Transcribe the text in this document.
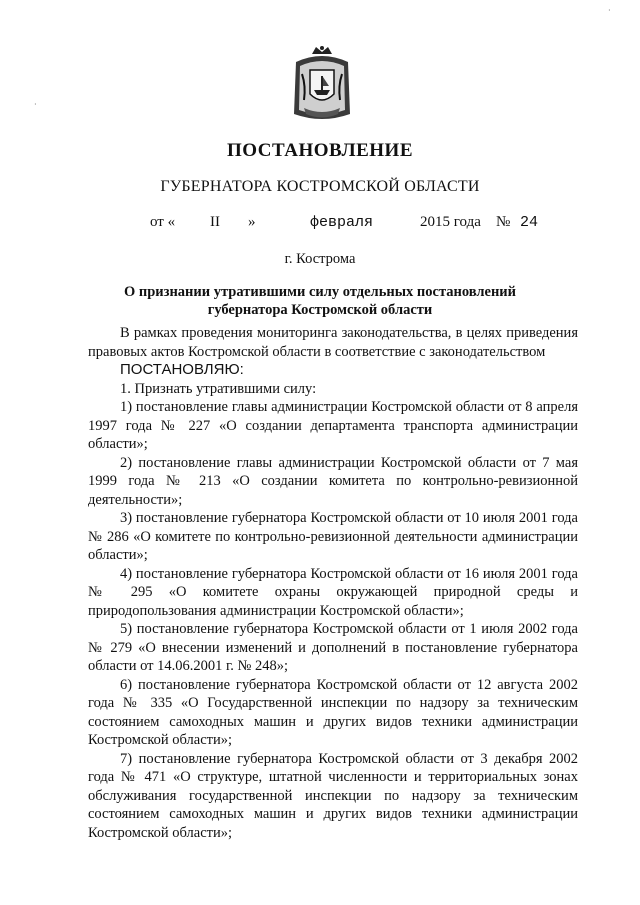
ПОСТАНОВЛЕНИЕ
ГУБЕРНАТОРА КОСТРОМСКОЙ ОБЛАСТИ
от « II »	февраля	2015 года № 24
г. Кострома
О признании утратившими силу отдельных постановлений
губернатора Костромской области

В рамках проведения мониторинга законодательства, в целях приведения правовых актов Костромской области в соответствие с законодательством

ПОСТАНОВЛЯЮ:

1. Признать утратившими силу:

1) постановление главы администрации Костромской области от 8 апреля 1997 года № 227 «О создании департамента транспорта администрации области»;

2) постановление главы администрации Костромской области от 7 мая 1999 года № 213 «О создании комитета по контрольно-ревизионной деятельности»;

3) постановление губернатора Костромской области от 10 июля 2001 года № 286 «О комитете по контрольно-ревизионной деятельности администрации области»;

4) постановление губернатора Костромской области от 16 июля 2001 года № 295 «О комитете охраны окружающей природной среды и природопользования администрации Костромской области»;

5) постановление губернатора Костромской области от 1 июля 2002 года № 279 «О внесении изменений и дополнений в постановление губернатора области от 14.06.2001 г. № 248»;

6) постановление губернатора Костромской области от 12 августа 2002 года № 335 «О Государственной инспекции по надзору за техническим состоянием самоходных машин и других видов техники администрации Костромской области»;

7) постановление губернатора Костромской области от 3 декабря 2002 года № 471 «О структуре, штатной численности и территориальных зонах обслуживания государственной инспекции по надзору за техническим состоянием самоходных машин и других видов техники администрации Костромской области»;

·
·
